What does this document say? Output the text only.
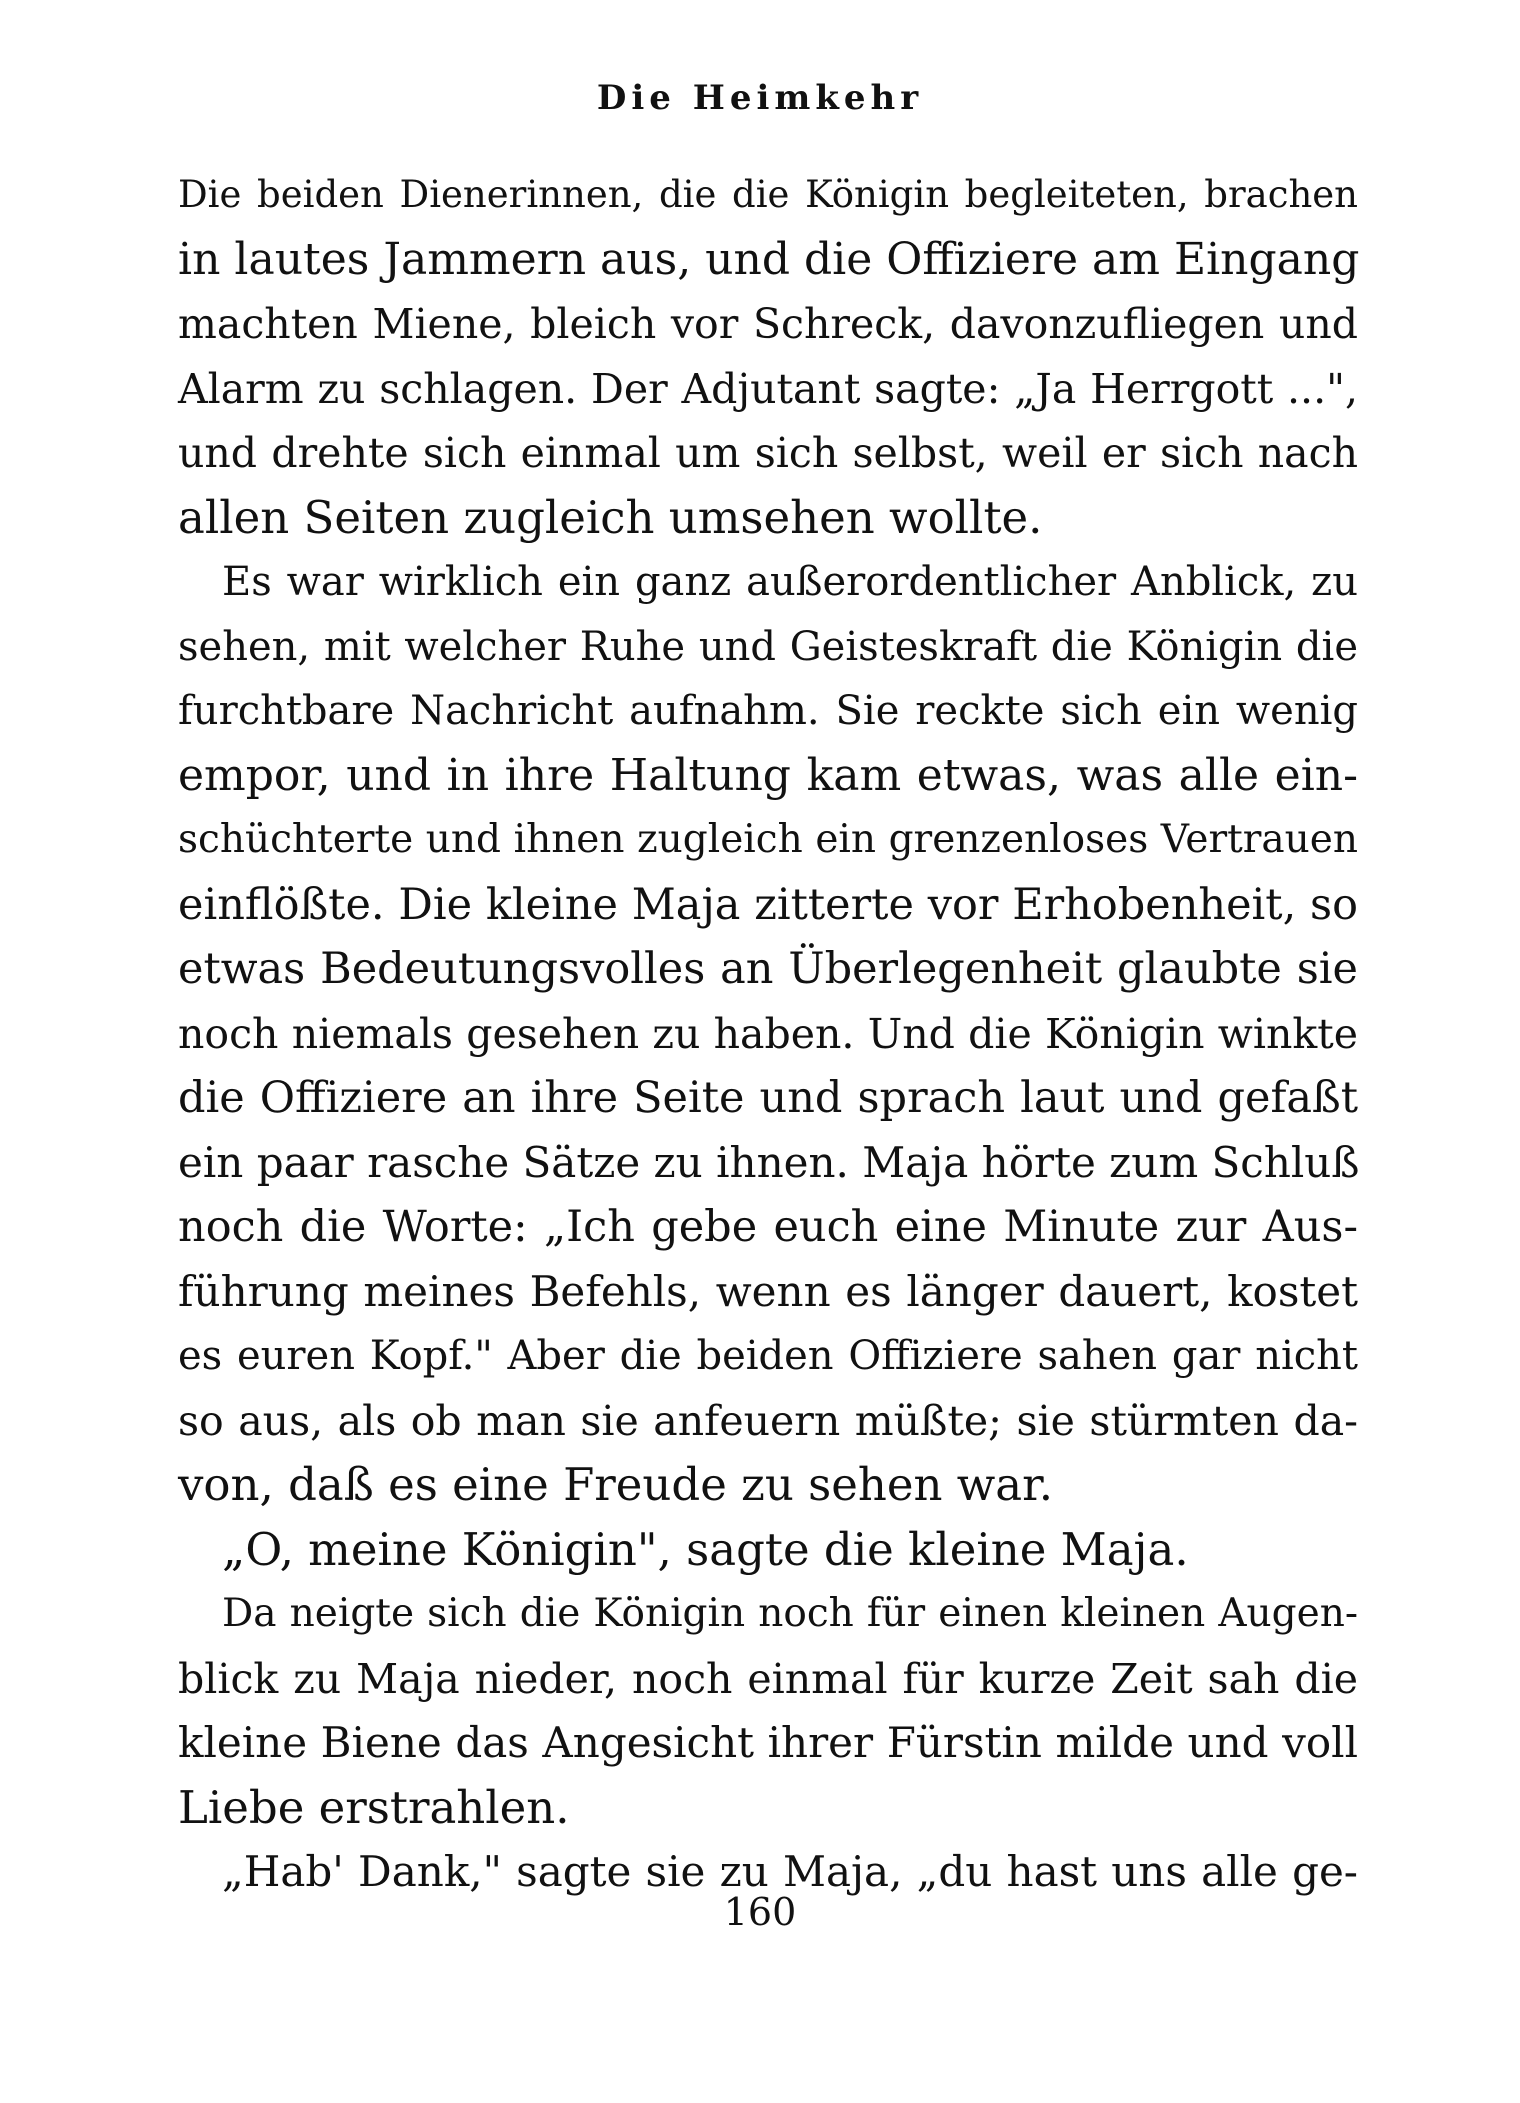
Die Heimkehr
Die beiden Dienerinnen, die die Königin begleiteten, brachen
in lautes Jammern aus, und die Offiziere am Eingang
machten Miene, bleich vor Schreck, davonzufliegen und
Alarm zu schlagen. Der Adjutant sagte: „Ja Herrgott ...",
und drehte sich einmal um sich selbst, weil er sich nach
allen Seiten zugleich umsehen wollte.
Es war wirklich ein ganz außerordentlicher Anblick, zu
sehen, mit welcher Ruhe und Geisteskraft die Königin die
furchtbare Nachricht aufnahm. Sie reckte sich ein wenig
empor, und in ihre Haltung kam etwas, was alle ein-
schüchterte und ihnen zugleich ein grenzenloses Vertrauen
einflößte. Die kleine Maja zitterte vor Erhobenheit, so
etwas Bedeutungsvolles an Überlegenheit glaubte sie
noch niemals gesehen zu haben. Und die Königin winkte
die Offiziere an ihre Seite und sprach laut und gefaßt
ein paar rasche Sätze zu ihnen. Maja hörte zum Schluß
noch die Worte: „Ich gebe euch eine Minute zur Aus-
führung meines Befehls, wenn es länger dauert, kostet
es euren Kopf." Aber die beiden Offiziere sahen gar nicht
so aus, als ob man sie anfeuern müßte; sie stürmten da-
von, daß es eine Freude zu sehen war.
„O, meine Königin", sagte die kleine Maja.
Da neigte sich die Königin noch für einen kleinen Augen-
blick zu Maja nieder, noch einmal für kurze Zeit sah die
kleine Biene das Angesicht ihrer Fürstin milde und voll
Liebe erstrahlen.
„Hab' Dank," sagte sie zu Maja, „du hast uns alle ge-
160
